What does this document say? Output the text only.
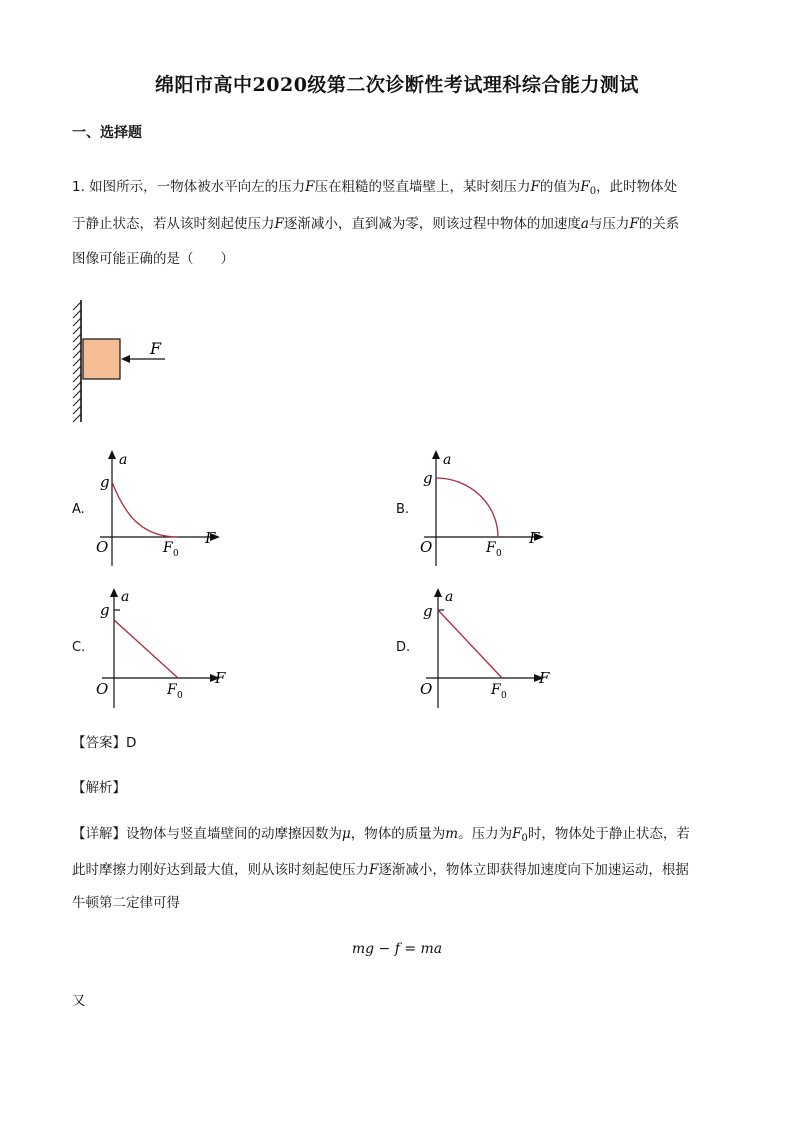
绵阳市高中2020级第二次诊断性考试理科综合能力测试
一、选择题
1. 如图所示，一物体被水平向左的压力F压在粗糙的竖直墙壁上，某时刻压力F的值为$F_0$，此时物体处
于静止状态，若从该时刻起使压力F逐渐减小，直到减为零，则该过程中物体的加速度a与压力F的关系
图像可能正确的是（　　）
F
A.
a
g
O	F
F 0
B.
a
g
O	F
F 0
C.
a
g
O
F
F 0
D.
a
g
O
F
F 0
【答案】D
【解析】
【详解】设物体与竖直墙壁间的动摩擦因数为μ，物体的质量为m。压力为$F_0$时，物体处于静止状态，若
此时摩擦力刚好达到最大值，则从该时刻起使压力F逐渐减小，物体立即获得加速度向下加速运动，根据
牛顿第二定律可得
mg − f = ma
又
